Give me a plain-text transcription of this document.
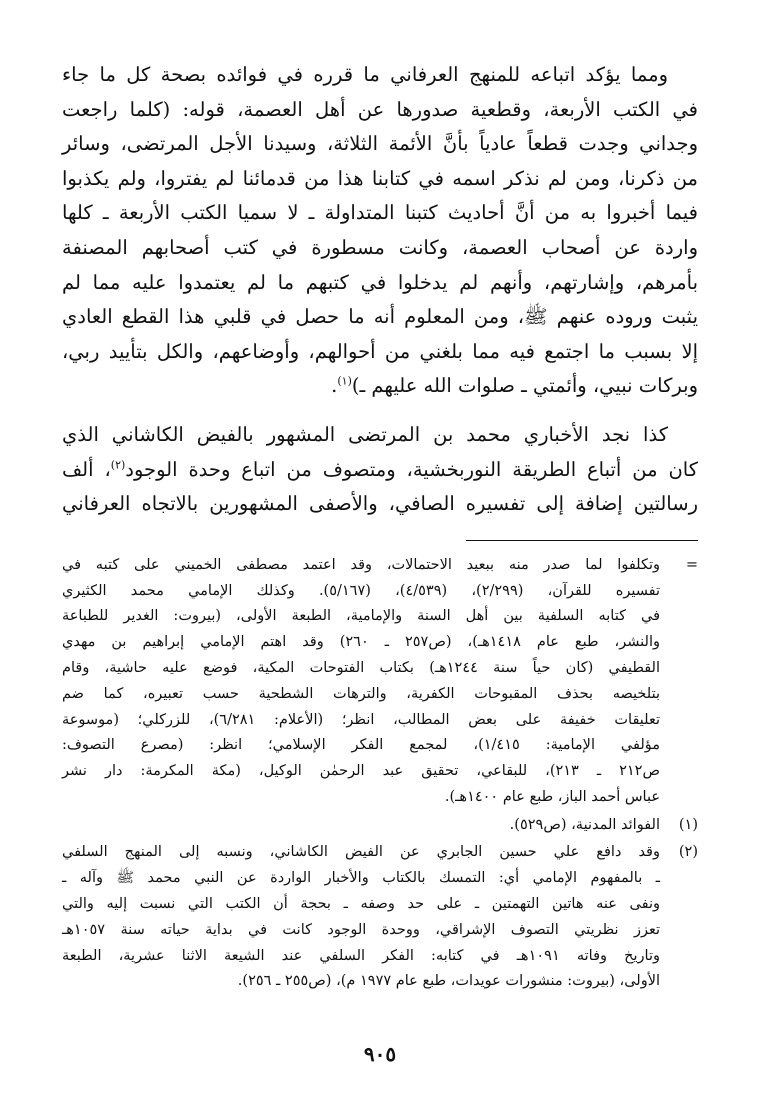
ومما يؤكد اتباعه للمنهج العرفاني ما قرره في فوائده بصحة كل ما جاء

في الكتب الأربعة، وقطعية صدورها عن أهل العصمة، قوله: (كلما راجعت

وجداني وجدت قطعاً عادياً بأنَّ الأئمة الثلاثة، وسيدنا الأجل المرتضى، وسائر

من ذكرنا، ومن لم نذكر اسمه في كتابنا هذا من قدمائنا لم يفتروا، ولم يكذبوا

فيما أخبروا به من أنَّ أحاديث كتبنا المتداولة ـ لا سميا الكتب الأربعة ـ كلها

واردة عن أصحاب العصمة، وكانت مسطورة في كتب أصحابهم المصنفة

بأمرهم، وإشارتهم، وأنهم لم يدخلوا في كتبهم ما لم يعتمدوا عليه مما لم

يثبت وروده عنهم ﷺ، ومن المعلوم أنه ما حصل في قلبي هذا القطع العادي

إلا بسبب ما اجتمع فيه مما بلغني من أحوالهم، وأوضاعهم، والكل بتأييد ربي،

وبركات نبيي، وأئمتي ـ صلوات الله عليهم ـ)$^{(١)}$.

كذا نجد الأخباري محمد بن المرتضى المشهور بالفيض الكاشاني الذي

كان من أتباع الطريقة النوربخشية، ومتصوف من اتباع وحدة الوجود$^{(٢)}$، ألف

رسالتين إضافة إلى تفسيره الصافي، والأصفى المشهورين بالاتجاه العرفاني

=

وتكلفوا لما صدر منه ببعيد الاحتمالات، وقد اعتمد مصطفى الخميني على كتبه في

تفسيره للقرآن، (٢/٢٩٩)، (٤/٥٣٩)، (٥/١٦٧). وكذلك الإمامي محمد الكثيري

في كتابه السلفية بين أهل السنة والإمامية، الطبعة الأولى، (بيروت: الغدير للطباعة

والنشر، طبع عام ١٤١٨هـ)، (ص٢٥٧ ـ ٢٦٠) وقد اهتم الإمامي إبراهيم بن مهدي

القطيفي (كان حياً سنة ١٢٤٤هـ) بكتاب الفتوحات المكية، فوضع عليه حاشية، وقام

بتلخيصه بحذف المقبوحات الكفرية، والترهات الشطحية حسب تعبيره، كما ضم

تعليقات خفيفة على بعض المطالب، انظر؛ (الأعلام: ٦/٢٨١)، للزركلي؛ (موسوعة

مؤلفي الإمامية: ١/٤١٥)، لمجمع الفكر الإسلامي؛ انظر: (مصرع التصوف:

ص٢١٢ ـ ٢١٣)، للبقاعي، تحقيق عبد الرحمٰن الوكيل، (مكة المكرمة: دار نشر

عباس أحمد الباز، طبع عام ١٤٠٠هـ).

(١)

الفوائد المدنية، (ص٥٢٩).

(٢)

وقد دافع علي حسين الجابري عن الفيض الكاشاني، ونسبه إلى المنهج السلفي

ـ بالمفهوم الإمامي أي: التمسك بالكتاب والأخبار الواردة عن النبي محمد ﷺ وآله ـ

ونفى عنه هاتين التهمتين ـ على حد وصفه ـ بحجة أن الكتب التي نسبت إليه والتي

تعزز نظريتي التصوف الإشراقي، ووحدة الوجود كانت في بداية حياته سنة ١٠٥٧هـ

وتاريخ وفاته ١٠٩١هـ في كتابه: الفكر السلفي عند الشيعة الاثنا عشرية، الطبعة

الأولى، (بيروت: منشورات عويدات، طبع عام ١٩٧٧ م)، (ص٢٥٥ ـ ٢٥٦).

٩٠٥
